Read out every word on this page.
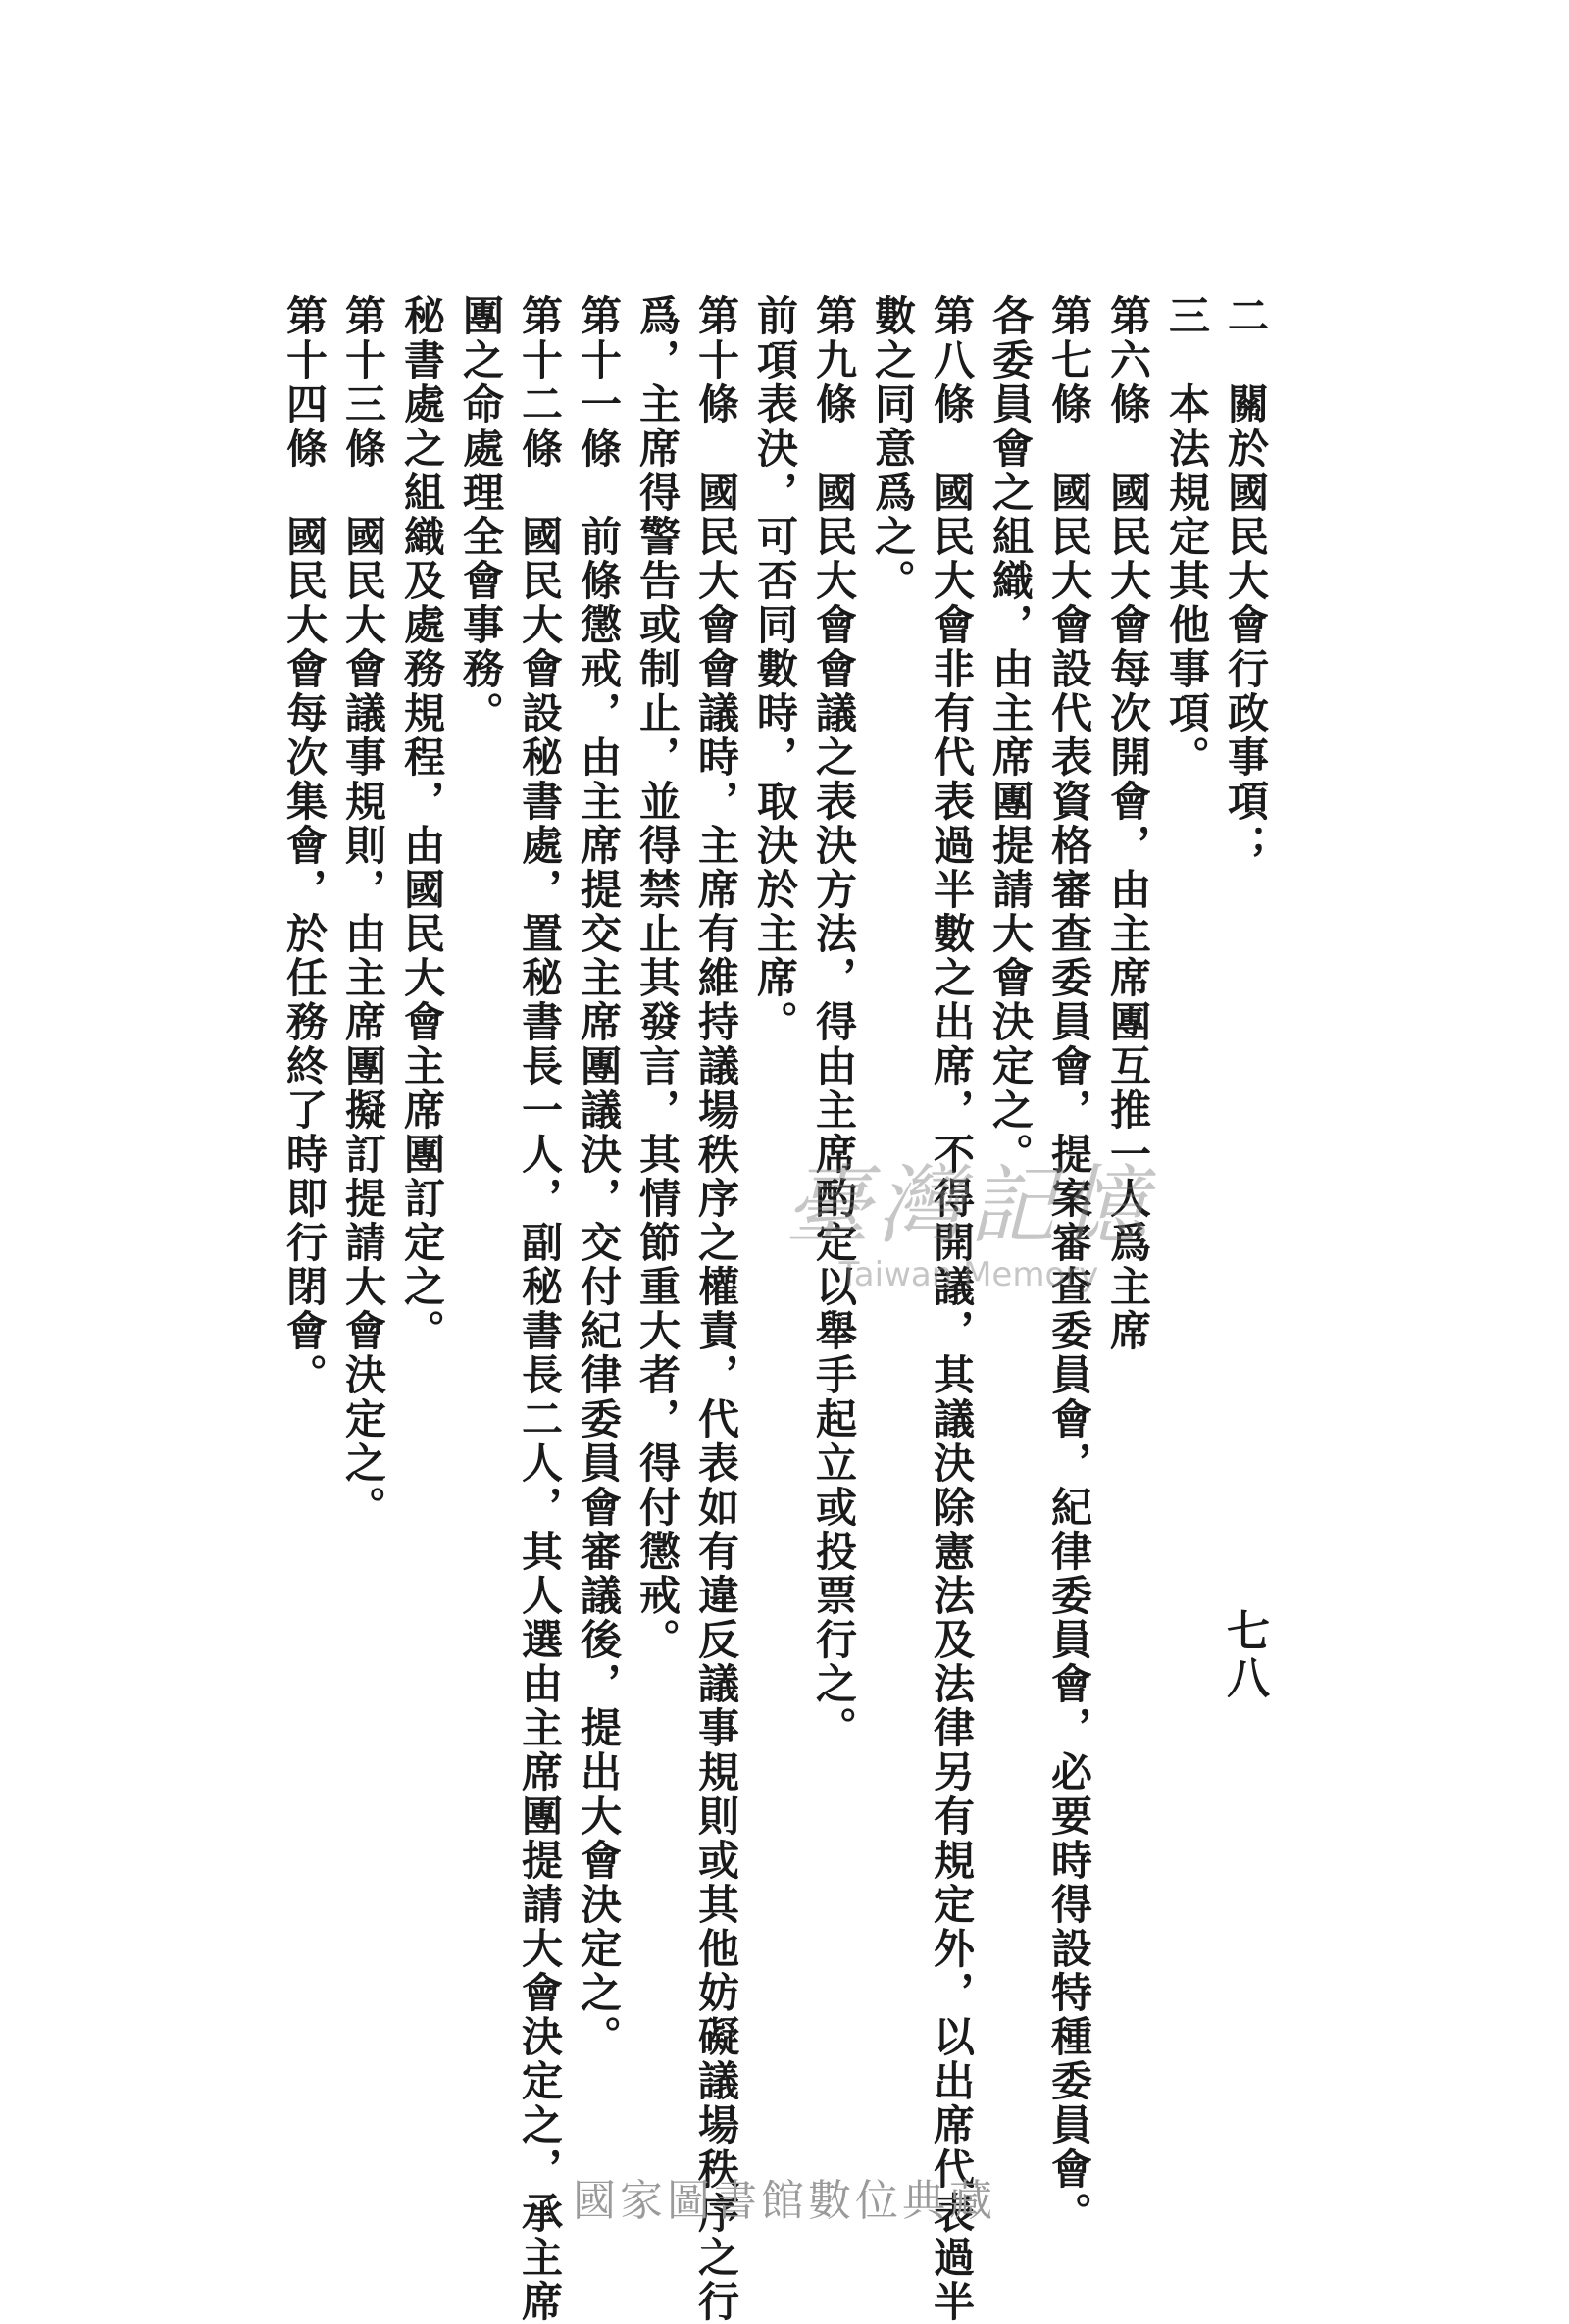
七八
二　關於國民大會行政事項；
三　本法規定其他事項。
第六條　國民大會每次開會，由主席團互推一人爲主席
第七條　國民大會設代表資格審查委員會，提案審查委員會，紀律委員會，必要時得設特種委員會。
各委員會之組織，由主席團提請大會決定之。
第八條　國民大會非有代表過半數之出席，不得開議，其議決除憲法及法律另有規定外，以出席代表過半
數之同意爲之。
第九條　國民大會會議之表決方法，得由主席酌定以舉手起立或投票行之。
前項表決，可否同數時，取決於主席。
第十條　國民大會會議時，主席有維持議場秩序之權責，代表如有違反議事規則或其他妨礙議場秩序之行
爲，主席得警告或制止，並得禁止其發言，其情節重大者，得付懲戒。
第十一條　前條懲戒，由主席提交主席團議決，交付紀律委員會審議後，提出大會決定之。
第十二條　國民大會設秘書處，置秘書長一人，副秘書長二人，其人選由主席團提請大會決定之，承主席
團之命處理全會事務。
秘書處之組織及處務規程，由國民大會主席團訂定之。
第十三條　國民大會議事規則，由主席團擬訂提請大會決定之。
第十四條　國民大會每次集會，於任務終了時即行閉會。	臺灣記憶
Taiwan Memory
國家圖書館數位典藏
